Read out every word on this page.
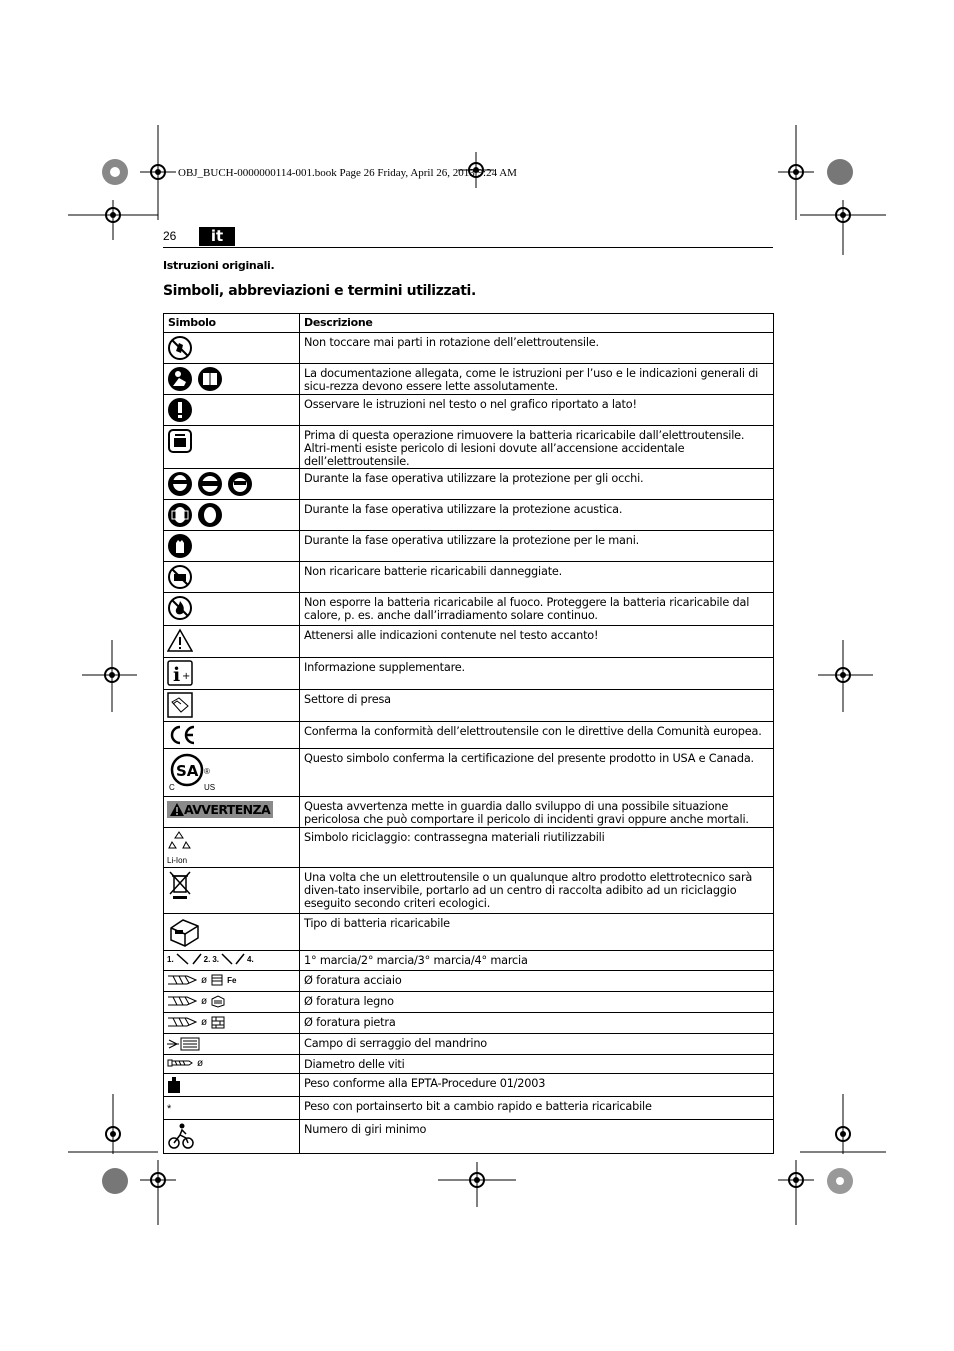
OBJ_BUCH-0000000114-001.book Page 26 Friday, April 26, 2013 9:24 AM
26	it
Istruzioni originali.
Simboli, abbreviazioni e termini utilizzati.
Simbolo	Descrizione

	Non toccare mai parti in rotazione dell’elettroutensile.

	La documentazione allegata, come le istruzioni per l’uso e le indicazioni generali di sicu-rezza devono essere lette assolutamente.

	Osservare le istruzioni nel testo o nel grafico riportato a lato!

	Prima di questa operazione rimuovere la batteria ricaricabile dall’elettroutensile. Altri-menti esiste pericolo di lesioni dovute all’accensione accidentale dell’elettroutensile.

	Durante la fase operativa utilizzare la protezione per gli occhi.

	Durante la fase operativa utilizzare la protezione acustica.

	Durante la fase operativa utilizzare la protezione per le mani.

	Non ricaricare batterie ricaricabili danneggiate.

	Non esporre la batteria ricaricabile al fuoco. Proteggere la batteria ricaricabile dal calore, p. es. anche dall’irradiamento solare continuo.

	Attenersi alle indicazioni contenute nel testo accanto!

i +	Informazione supplementare.

	Settore di presa

	Conferma la conformità dell’elettroutensile con le direttive della Comunità europea.

SA
C US
®	Questo simbolo conferma la certificazione del presente prodotto in USA e Canada.

AVVERTENZA	Questa avvertenza mette in guardia dallo sviluppo di una possibile situazione pericolosa che può comportare il pericolo di incidenti gravi oppure anche mortali.

Li-Ion	Simbolo riciclaggio: contrassegna materiali riutilizzabili

	Una volta che un elettroutensile o un qualunque altro prodotto elettrotecnico sarà diven-tato inservibile, portarlo ad un centro di raccolta adibito ad un riciclaggio eseguito secondo criteri ecologici.

	Tipo di batteria ricaricabile

1. 2. 3. 4.	1° marcia/2° marcia/3° marcia/4° marcia

ø Fe	Ø foratura acciaio

ø	Ø foratura legno

ø	Ø foratura pietra

	Campo di serraggio del mandrino

ø	Diametro delle viti

	Peso conforme alla EPTA-Procedure 01/2003
*	Peso con portainserto bit a cambio rapido e batteria ricaricabile

	Numero di giri minimo
